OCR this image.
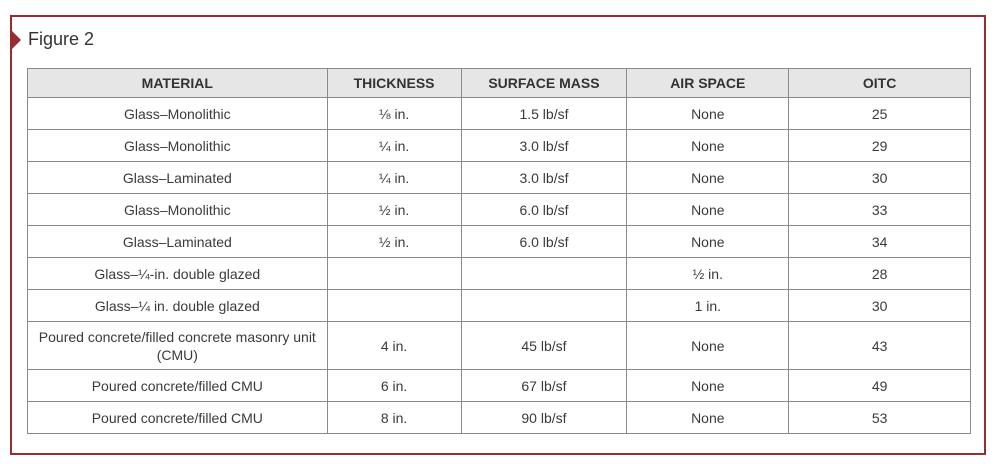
Figure 2
MATERIAL	THICKNESS	SURFACE MASS	AIR SPACE	OITC
Glass–Monolithic	⅛ in.	1.5 lb/sf	None	25
Glass–Monolithic	¼ in.	3.0 lb/sf	None	29
Glass–Laminated	¼ in.	3.0 lb/sf	None	30
Glass–Monolithic	½ in.	6.0 lb/sf	None	33
Glass–Laminated	½ in.	6.0 lb/sf	None	34
Glass–¼-in. double glazed			½ in.	28
Glass–¼ in. double glazed			1 in.	30
Poured concrete/filled concrete masonry unit (CMU)	4 in.	45 lb/sf	None	43
Poured concrete/filled CMU	6 in.	67 lb/sf	None	49
Poured concrete/filled CMU	8 in.	90 lb/sf	None	53
